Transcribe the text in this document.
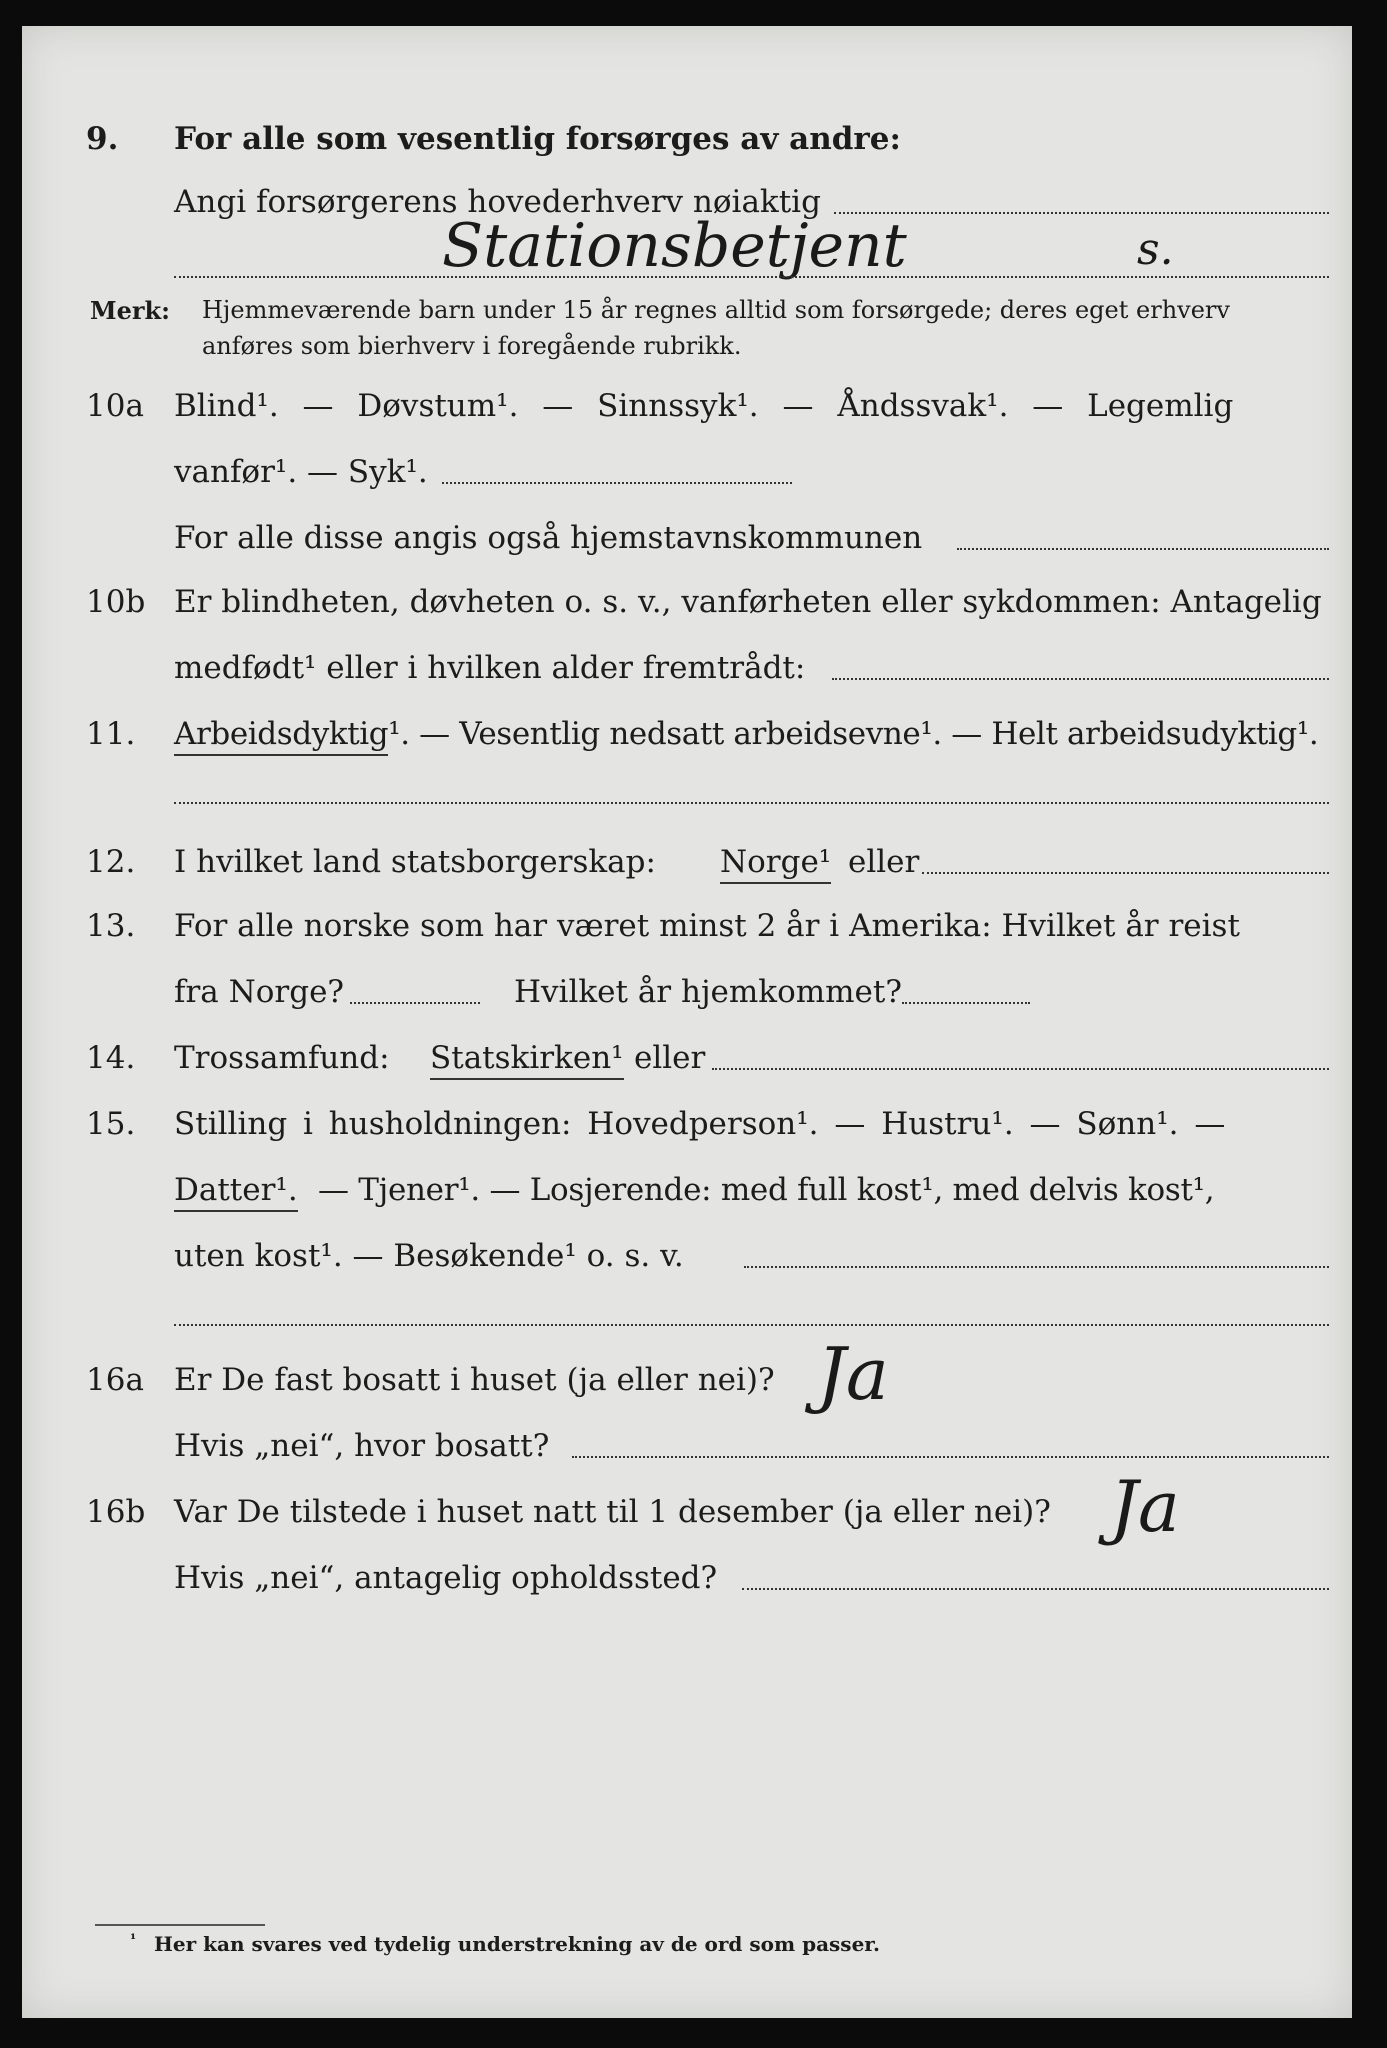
9. For alle som vesentlig forsørges av andre:
Angi forsørgerens hovederhverv nøiaktig
Stationsbetjent	s.
Merk: Hjemmeværende barn under 15 år regnes alltid som forsørgede; deres eget erhverv
anføres som bierhverv i foregående rubrikk.
10a Blind¹. — Døvstum¹. — Sinnssyk¹. — Åndssvak¹. — Legemlig
vanfør¹. — Syk¹.
For alle disse angis også hjemstavnskommunen
10b Er blindheten, døvheten o. s. v., vanførheten eller sykdommen: Antagelig
medfødt¹ eller i hvilken alder fremtrådt:
11. Arbeidsdyktig¹. — Vesentlig nedsatt arbeidsevne¹. — Helt arbeidsudyktig¹.
12. I hvilket land statsborgerskap: Norge¹ eller
13. For alle norske som har været minst 2 år i Amerika: Hvilket år reist
fra Norge?	Hvilket år hjemkommet?
14. Trossamfund: Statskirken¹ eller
15. Stilling i husholdningen: Hovedperson¹. — Hustru¹. — Sønn¹. —
Datter¹. — Tjener¹. — Losjerende: med full kost¹, med delvis kost¹,
uten kost¹. — Besøkende¹ o. s. v.
16a Er De fast bosatt i huset (ja eller nei)? Ja
Hvis „nei“, hvor bosatt?
16b Var De tilstede i huset natt til 1 desember (ja eller nei)? Ja
Hvis „nei“, antagelig opholdssted?
¹ Her kan svares ved tydelig understrekning av de ord som passer.
